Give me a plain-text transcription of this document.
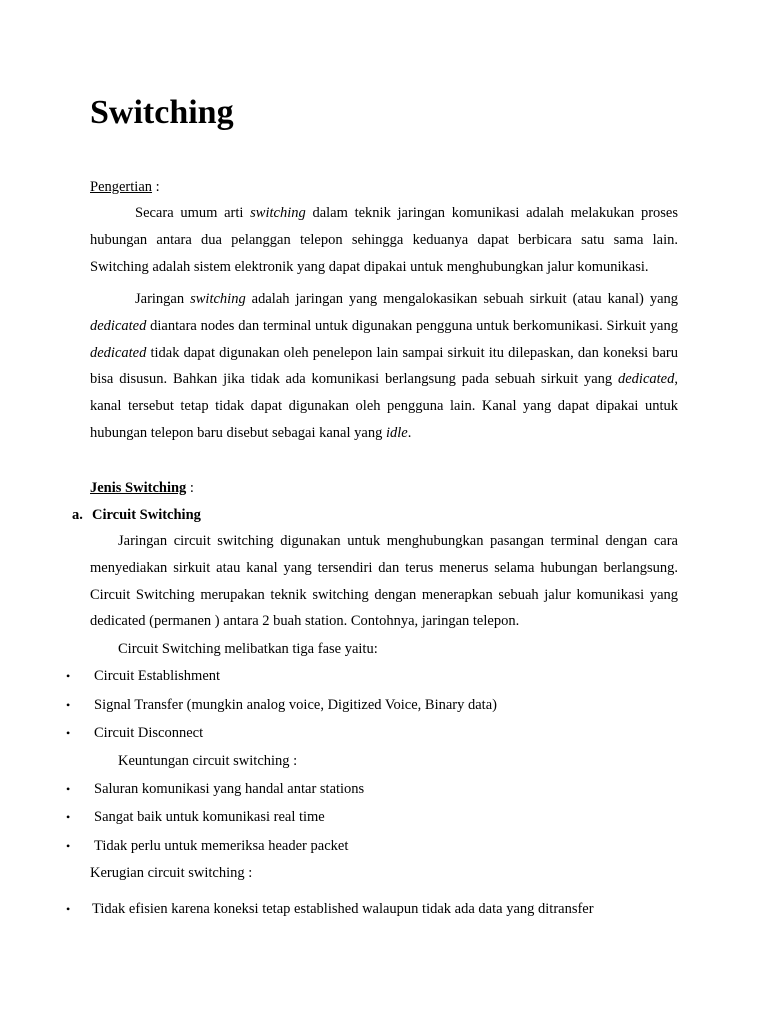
Switching
Pengertian :

Secara umum arti switching dalam teknik jaringan komunikasi adalah melakukan proses hubungan antara dua pelanggan telepon sehingga keduanya dapat berbicara satu sama lain. Switching adalah sistem elektronik yang dapat dipakai untuk menghubungkan jalur komunikasi.

Jaringan switching adalah jaringan yang mengalokasikan sebuah sirkuit (atau kanal) yang dedicated diantara nodes dan terminal untuk digunakan pengguna untuk berkomunikasi. Sirkuit yang dedicated tidak dapat digunakan oleh penelepon lain sampai sirkuit itu dilepaskan, dan koneksi baru bisa disusun. Bahkan jika tidak ada komunikasi berlangsung pada sebuah sirkuit yang dedicated, kanal tersebut tetap tidak dapat digunakan oleh pengguna lain. Kanal yang dapat dipakai untuk hubungan telepon baru disebut sebagai kanal yang idle.

Jenis Switching :
a. Circuit Switching

Jaringan circuit switching digunakan untuk menghubungkan pasangan terminal dengan cara menyediakan sirkuit atau kanal yang tersendiri dan terus menerus selama hubungan berlangsung. Circuit Switching merupakan teknik switching dengan menerapkan sebuah jalur komunikasi yang dedicated (permanen ) antara 2 buah station. Contohnya, jaringan telepon.

Circuit Switching melibatkan tiga fase yaitu:
• Circuit Establishment
• Signal Transfer (mungkin analog voice, Digitized Voice, Binary data)
• Circuit Disconnect
Keuntungan circuit switching :
• Saluran komunikasi yang handal antar stations
• Sangat baik untuk komunikasi real time
• Tidak perlu untuk memeriksa header packet
Kerugian circuit switching :
• Tidak efisien karena koneksi tetap established walaupun tidak ada data yang ditransfer
